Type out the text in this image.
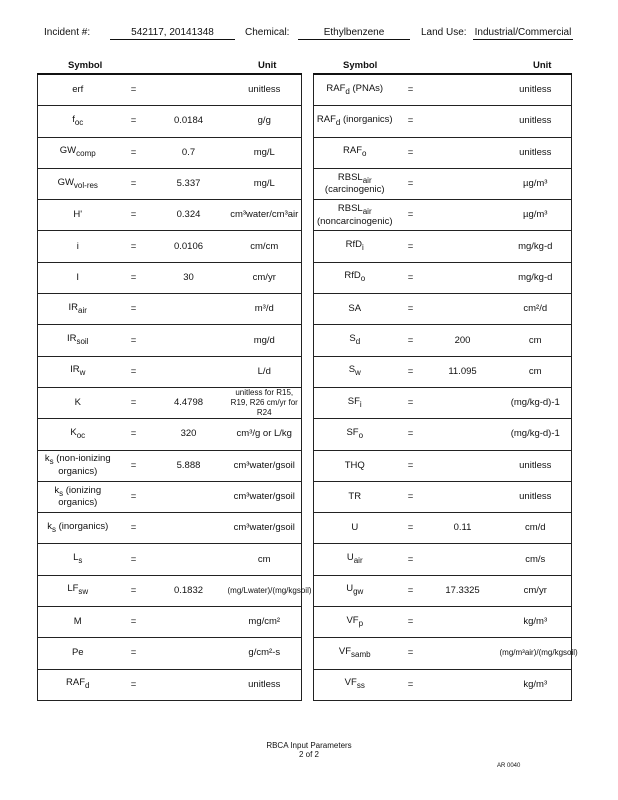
Incident #:	542117, 20141348	Chemical:	Ethylbenzene	Land Use: Industrial/Commercial
Symbol	Unit	Symbol	Unit
erf	=		unitless
$f_{oc}$	=	0.0184	g/g
$GW_{comp}$	=	0.7	mg/L
$GW_{vol-res}$	=	5.337	mg/L
H'	=	0.324	cm³water/cm³air
i	=	0.0106	cm/cm
I	=	30	cm/yr
$IR_{air}$	=		m³/d
$IR_{soil}$	=		mg/d
$IR_w$	=		L/d
K	=	4.4798	unitless for R15, R19, R26 cm/yr for R24
$K_{oc}$	=	320	cm³/g or L/kg
$k_s$ (non-ionizing organics)	=	5.888	cm³water/gsoil
$k_s$ (ionizing organics)	=		cm³water/gsoil
$k_s$ (inorganics)	=		cm³water/gsoil
$L_s$	=		cm
$LF_{sw}$	=	0.1832	(mg/Lwater)/(mg/kgsoil)
M	=		mg/cm²
Pe	=		g/cm²-s
$RAF_d$	=		unitless
$RAF_d$ (PNAs)	=		unitless
$RAF_d$ (inorganics)	=		unitless
$RAF_o$	=		unitless
$RBSL_{air}$ (carcinogenic)	=		µg/m³
$RBSL_{air}$ (noncarcinogenic)	=		µg/m³
RfD$_i$	=		mg/kg-d
RfD$_o$	=		mg/kg-d
SA	=		cm²/d
$S_d$	=	200	cm
$S_w$	=	11.095	cm
$SF_i$	=		(mg/kg-d)-1
$SF_o$	=		(mg/kg-d)-1
THQ	=		unitless
TR	=		unitless
U	=	0.11	cm/d
$U_{air}$	=		cm/s
$U_{gw}$	=	17.3325	cm/yr
$VF_p$	=		kg/m³
$VF_{samb}$	=		(mg/m³air)/(mg/kgsoil)
$VF_{ss}$	=		kg/m³
RBCA Input Parameters
2 of 2
AR 0040
